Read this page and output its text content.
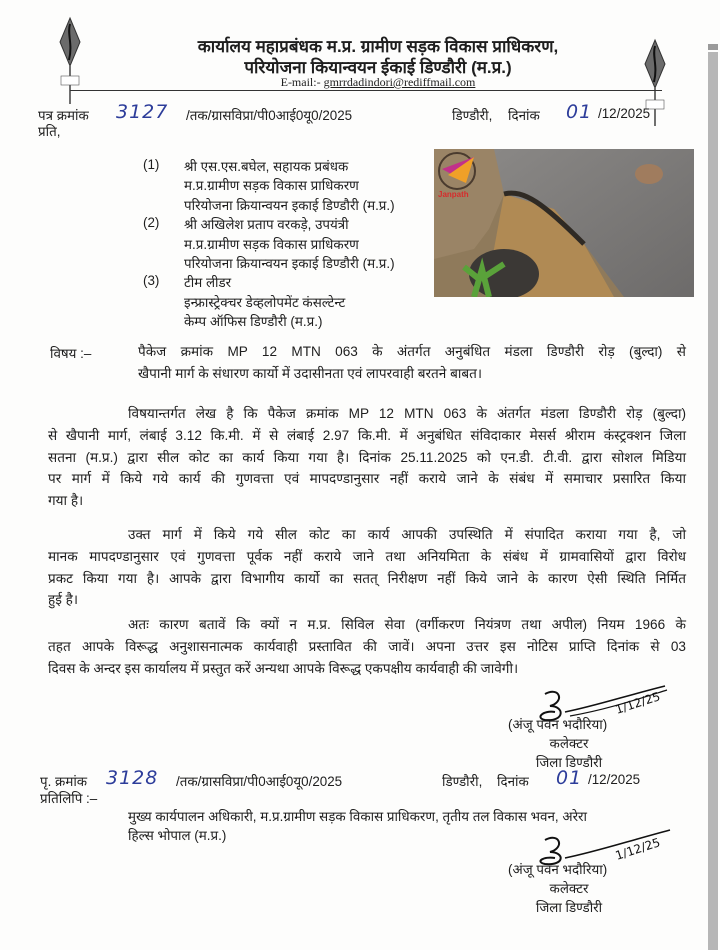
कार्यालय महाप्रबंधक म.प्र. ग्रामीण सड़क विकास प्राधिकरण,
परियोजना कियान्वयन ईकाई डिण्डौरी (म.प्र.)
E-mail:- gmrrdadindori@rediffmail.com
पत्र क्रमांक 3127 /तक/ग्रासविप्रा/पी0आई0यू0/2025	डिण्डौरी, दिनांक 01 /12/2025
प्रति,
(1) श्री एस.एस.बघेल, सहायक प्रबंधक
म.प्र.ग्रामीण सड़क विकास प्राधिकरण
परियोजना क्रियान्वयन इकाई डिण्डौरी (म.प्र.)
(2) श्री अखिलेश प्रताप वरकड़े, उपयंत्री
म.प्र.ग्रामीण सड़क विकास प्राधिकरण
परियोजना क्रियान्वयन इकाई डिण्डौरी (म.प्र.)
(3) टीम लीडर
इन्फ्रास्ट्रेक्चर डेव्हलोपमेंट कंसल्टेन्ट
केम्प ऑफिस डिण्डौरी (म.प्र.)
Janpath
विषय :–	पैकेज क्रमांक MP 12 MTN 063 के अंतर्गत अनुबंधित मंडला डिण्डौरी रोड़ (बुल्दा) से
खैपानी मार्ग के संधारण कार्यो में उदासीनता एवं लापरवाही बरतने बाबत।
विषयान्तर्गत लेख है कि पैकेज क्रमांक MP 12 MTN 063 के अंतर्गत मंडला डिण्डौरी रोड़ (बुल्दा)
से खैपानी मार्ग, लंबाई 3.12 कि.मी. में से लंबाई 2.97 कि.मी. में अनुबंधित संविदाकार मेसर्स श्रीराम कंस्ट्रक्शन जिला
सतना (म.प्र.) द्वारा सील कोट का कार्य किया गया है। दिनांक 25.11.2025 को एन.डी. टी.वी. द्वारा सोशल मिडिया
पर मार्ग में किये गये कार्य की गुणवत्ता एवं मापदण्डानुसार नहीं कराये जाने के संबंध में समाचार प्रसारित किया
गया है।
उक्त मार्ग में किये गये सील कोट का कार्य आपकी उपस्थिति में संपादित कराया गया है, जो
मानक मापदण्डानुसार एवं गुणवत्ता पूर्वक नहीं कराये जाने तथा अनियमिता के संबंध में ग्रामवासियों द्वारा विरोध
प्रकट किया गया है। आपके द्वारा विभागीय कार्यो का सतत् निरीक्षण नहीं किये जाने के कारण ऐसी स्थिति निर्मित
हुई है।
अतः कारण बतावें कि क्यों न म.प्र. सिविल सेवा (वर्गीकरण नियंत्रण तथा अपील) नियम 1966 के
तहत आपके विरूद्ध अनुशासनात्मक कार्यवाही प्रस्तावित की जावें। अपना उत्तर इस नोटिस प्राप्ति दिनांक से 03
दिवस के अन्दर इस कार्यालय में प्रस्तुत करें अन्यथा आपके विरूद्ध एकपक्षीय कार्यवाही की जावेगी।
1/12/25
(अंजू पवन भदौरिया)
कलेक्टर
जिला डिण्डौरी
पृ. क्रमांक 3128 /तक/ग्रासविप्रा/पी0आई0यू0/2025	डिण्डौरी, दिनांक 01 /12/2025
प्रतिलिपि :–
मुख्य कार्यपालन अधिकारी, म.प्र.ग्रामीण सड़क विकास प्राधिकरण, तृतीय तल विकास भवन, अरेरा
हिल्स भोपाल (म.प्र.)	1/12/25
(अंजू पवन भदौरिया)
कलेक्टर
जिला डिण्डौरी
